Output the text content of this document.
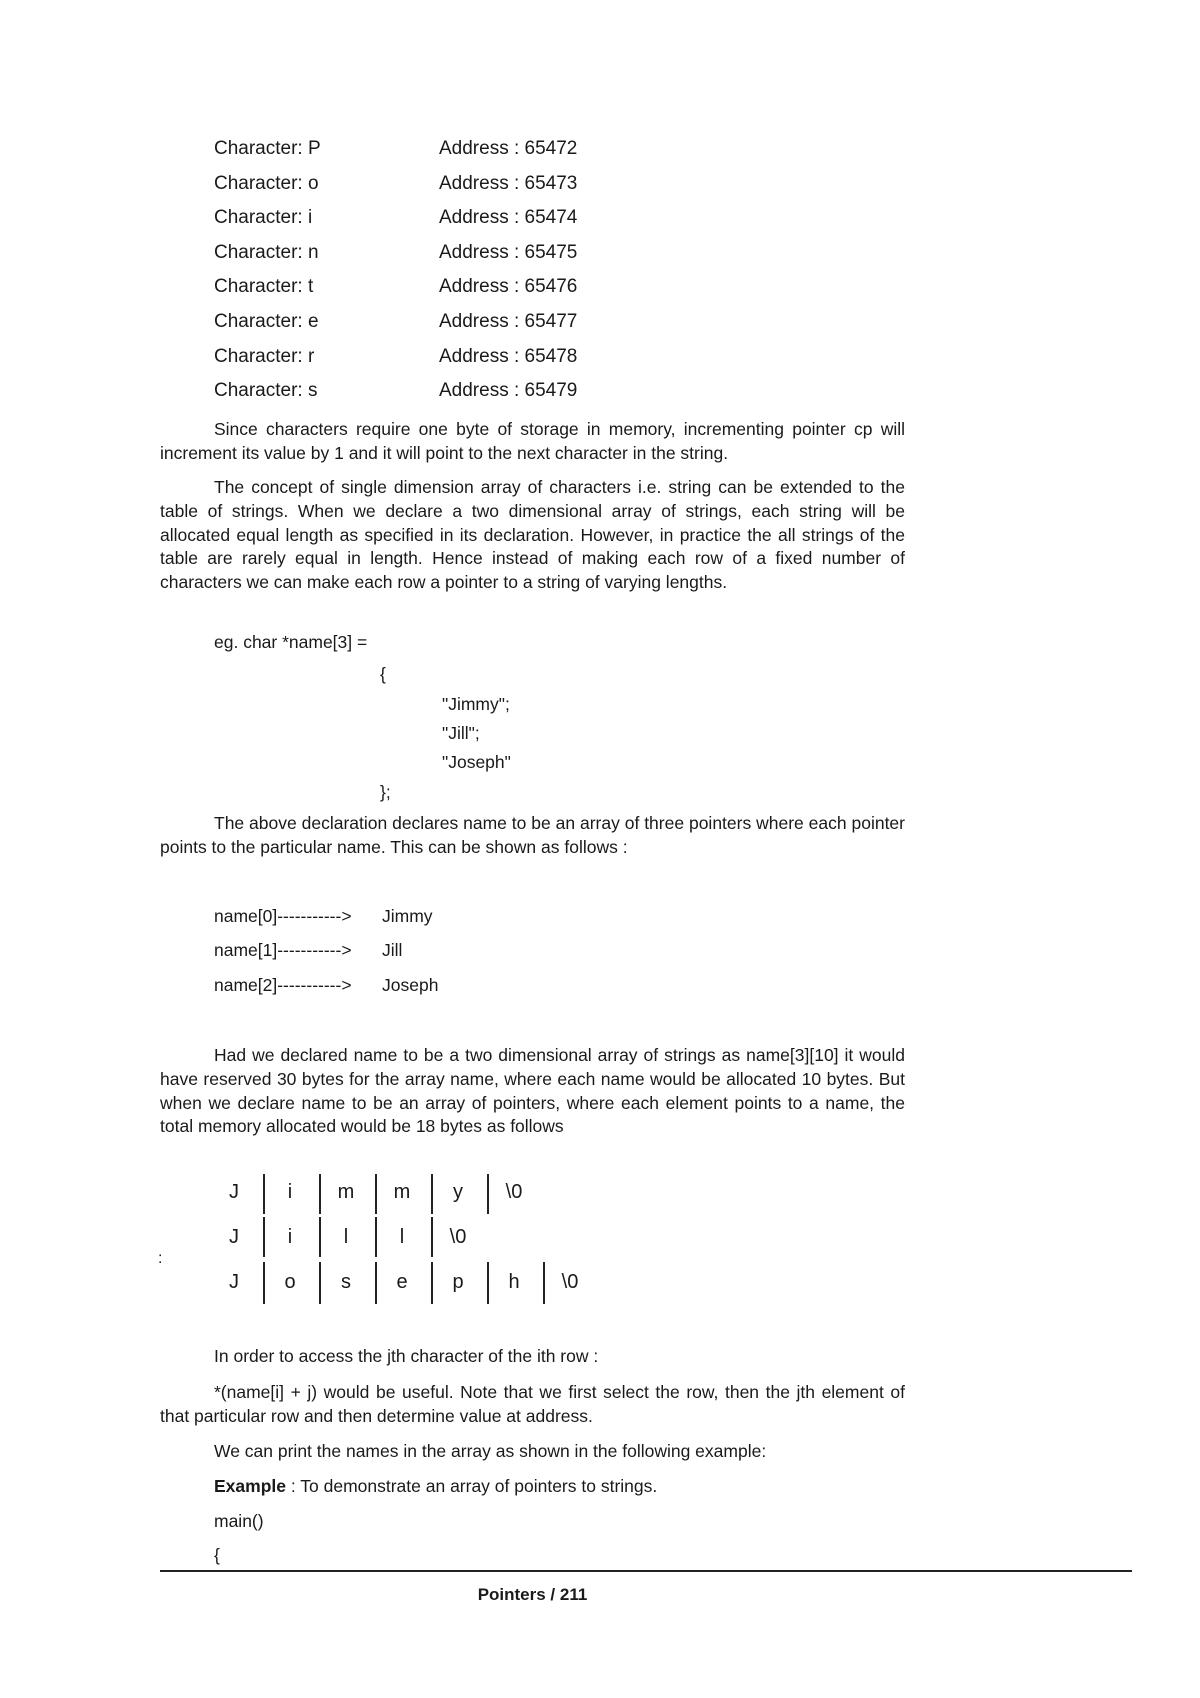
Character: P	Address : 65472
Character: o	Address : 65473
Character: i	Address : 65474
Character: n	Address : 65475
Character: t	Address : 65476
Character: e	Address : 65477
Character: r	Address : 65478
Character: s	Address : 65479

Since characters require one byte of storage in memory, incrementing pointer cp will increment its value by 1 and it will point to the next character in the string.

The concept of single dimension array of characters i.e. string can be extended to the table of strings. When we declare a two dimensional array of strings, each string will be allocated equal length as specified in its declaration. However, in practice the all strings of the table are rarely equal in length. Hence instead of making each row of a fixed number of characters we can make each row a pointer to a string of varying lengths.

eg. char *name[3] =
{
"Jimmy";
"Jill";
"Joseph"
};

The above declaration declares name to be an array of three pointers where each pointer points to the particular name. This can be shown as follows :

name[0]-----------> Jimmy
name[1]-----------> Jill
name[2]-----------> Joseph

Had we declared name to be a two dimensional array of strings as name[3][10] it would have reserved 30 bytes for the array name, where each name would be allocated 10 bytes. But when we declare name to be an array of pointers, where each element points to a name, the total memory allocated would be 18 bytes as follows

:
J	i	m	m	y	\0
J	i	l	l	\0
J	o	s	e	p	h	\0
In order to access the jth character of the ith row :

*(name[i] + j) would be useful. Note that we first select the row, then the jth element of that particular row and then determine value at address.

We can print the names in the array as shown in the following example:
Example : To demonstrate an array of pointers to strings.
main()
{
Pointers / 211
